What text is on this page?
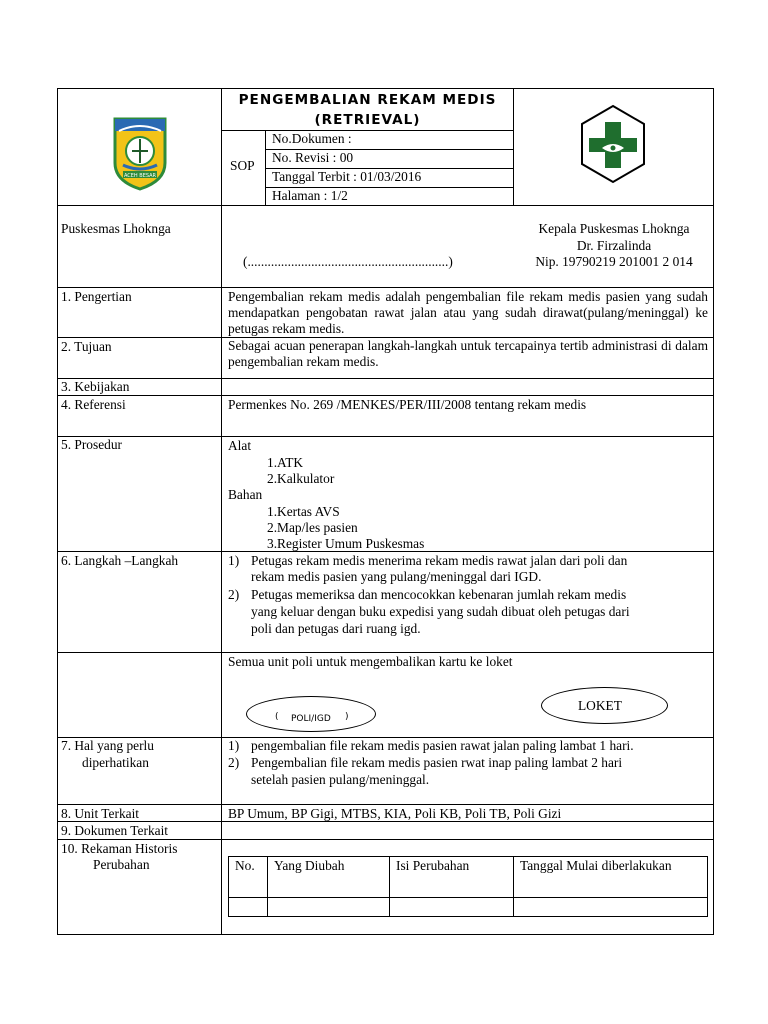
ACEH BESAR
PENGEMBALIAN REKAM MEDIS
(RETRIEVAL)
SOP
No.Dokumen :
No. Revisi : 00
Tanggal Terbit : 01/03/2016
Halaman : 1/2
Puskesmas Lhoknga
(............................................................)
Kepala Puskesmas Lhoknga
Dr. Firzalinda
Nip. 19790219 201001 2 014
1. Pengertian	Pengembalian rekam medis adalah pengembalian file rekam medis pasien yang sudah mendapatkan pengobatan rawat jalan atau yang sudah dirawat(pulang/meninggal) ke petugas rekam medis.
2. Tujuan	Sebagai acuan penerapan langkah-langkah untuk tercapainya tertib administrasi di dalam pengembalian rekam medis.
3. Kebijakan
4. Referensi	Permenkes No. 269 /MENKES/PER/III/2008 tentang rekam medis
5. Prosedur	Alat
1.ATK
2.Kalkulator
Bahan
1.Kertas AVS
2.Map/les pasien
3.Register Umum Puskesmas
6. Langkah –Langkah	1) Petugas rekam medis menerima rekam medis rawat jalan dari poli dan
rekam medis pasien yang pulang/meninggal dari IGD.
2) Petugas memeriksa dan mencocokkan kebenaran jumlah rekam medis
yang keluar dengan buku expedisi yang sudah dibuat oleh petugas dari
poli dan petugas dari ruang igd.
Semua unit poli untuk mengembalikan kartu ke loket
POLI/IGD
(	)
LOKET
7. Hal yang perlu
diperhatikan
1) pengembalian file rekam medis pasien rawat jalan paling lambat 1 hari.
2) Pengembalian file rekam medis pasien rwat inap paling lambat 2 hari
setelah pasien pulang/meninggal.
8. Unit Terkait	BP Umum, BP Gigi, MTBS, KIA, Poli KB, Poli TB, Poli Gizi
9. Dokumen Terkait
10. Rekaman Historis
Perubahan	No. Yang Diubah	Isi Perubahan	Tanggal Mulai diberlakukan
